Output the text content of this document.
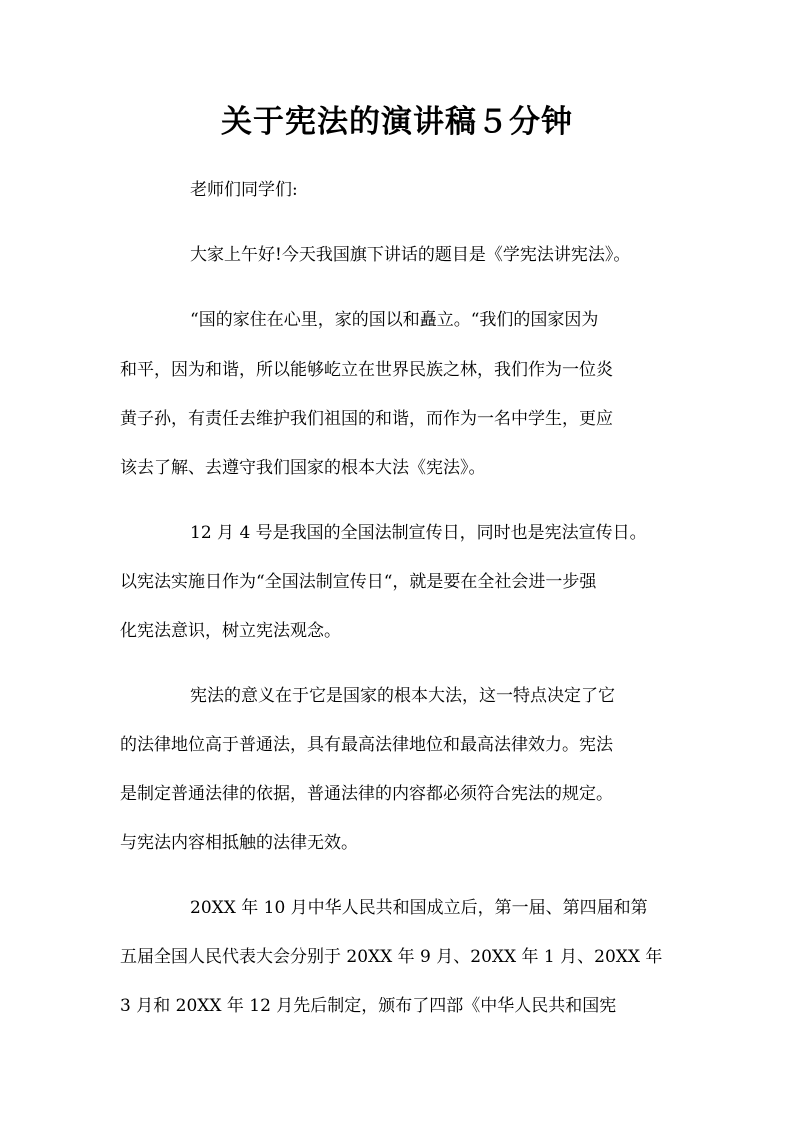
关于宪法的演讲稿５分钟
老师们同学们:
大家上午好!今天我国旗下讲话的题目是《学宪法讲宪法》。
“国的家住在心里，家的国以和矗立。“我们的国家因为
和平，因为和谐，所以能够屹立在世界民族之林，我们作为一位炎
黄子孙，有责任去维护我们祖国的和谐，而作为一名中学生，更应
该去了解、去遵守我们国家的根本大法《宪法》。
12 月 4 号是我国的全国法制宣传日，同时也是宪法宣传日。
以宪法实施日作为“全国法制宣传日“，就是要在全社会进一步强
化宪法意识，树立宪法观念。
宪法的意义在于它是国家的根本大法，这一特点决定了它
的法律地位高于普通法，具有最高法律地位和最高法律效力。宪法
是制定普通法律的依据，普通法律的内容都必须符合宪法的规定。
与宪法内容相抵触的法律无效。
20XX 年 10 月中华人民共和国成立后，第一届、第四届和第
五届全国人民代表大会分别于 20XX 年 9 月、20XX 年 1 月、20XX 年
3 月和 20XX 年 12 月先后制定，颁布了四部《中华人民共和国宪
